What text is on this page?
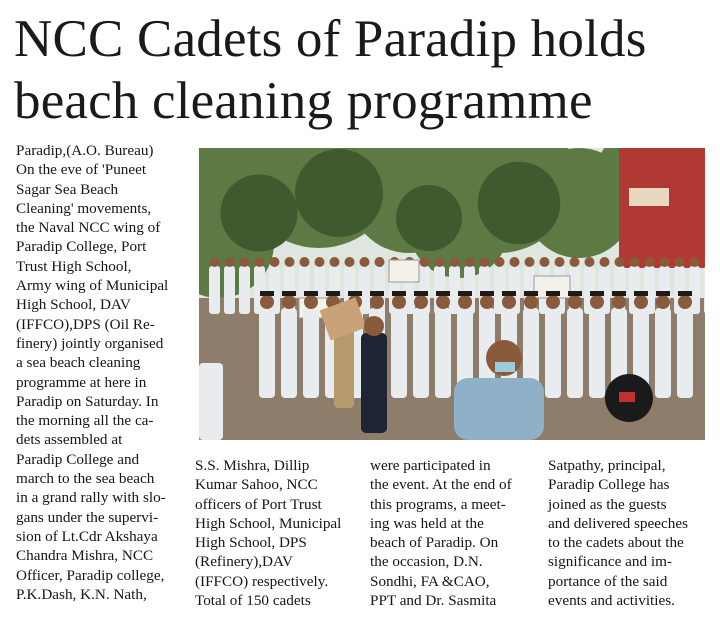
NCC Cadets of Paradip holds
beach cleaning programme
Paradip,(A.O. Bureau)
On the eve of 'Puneet
Sagar Sea Beach
Cleaning' movements,
the Naval NCC wing of
Paradip College, Port
Trust High School,
Army wing of Municipal
High School, DAV
(IFFCO),DPS (Oil Re-
finery) jointly organised
a sea beach cleaning
programme at here in
Paradip on Saturday. In
the morning all the ca-
dets assembled at
Paradip College and
march to the sea beach
in a grand rally with slo-
gans under the supervi-
sion of Lt.Cdr Akshaya
Chandra Mishra, NCC
Officer, Paradip college,
P.K.Dash, K.N. Nath,
S.S. Mishra, Dillip
Kumar Sahoo, NCC
officers of Port Trust
High School, Municipal
High School, DPS
(Refinery),DAV
(IFFCO) respectively.
Total of 150 cadets
were participated in
the event. At the end of
this programs, a meet-
ing was held at the
beach of Paradip. On
the occasion, D.N.
Sondhi, FA &CAO,
PPT and Dr. Sasmita
Satpathy, principal,
Paradip College has
joined as the guests
and delivered speeches
to the cadets about the
significance and im-
portance of the said
events and activities.
